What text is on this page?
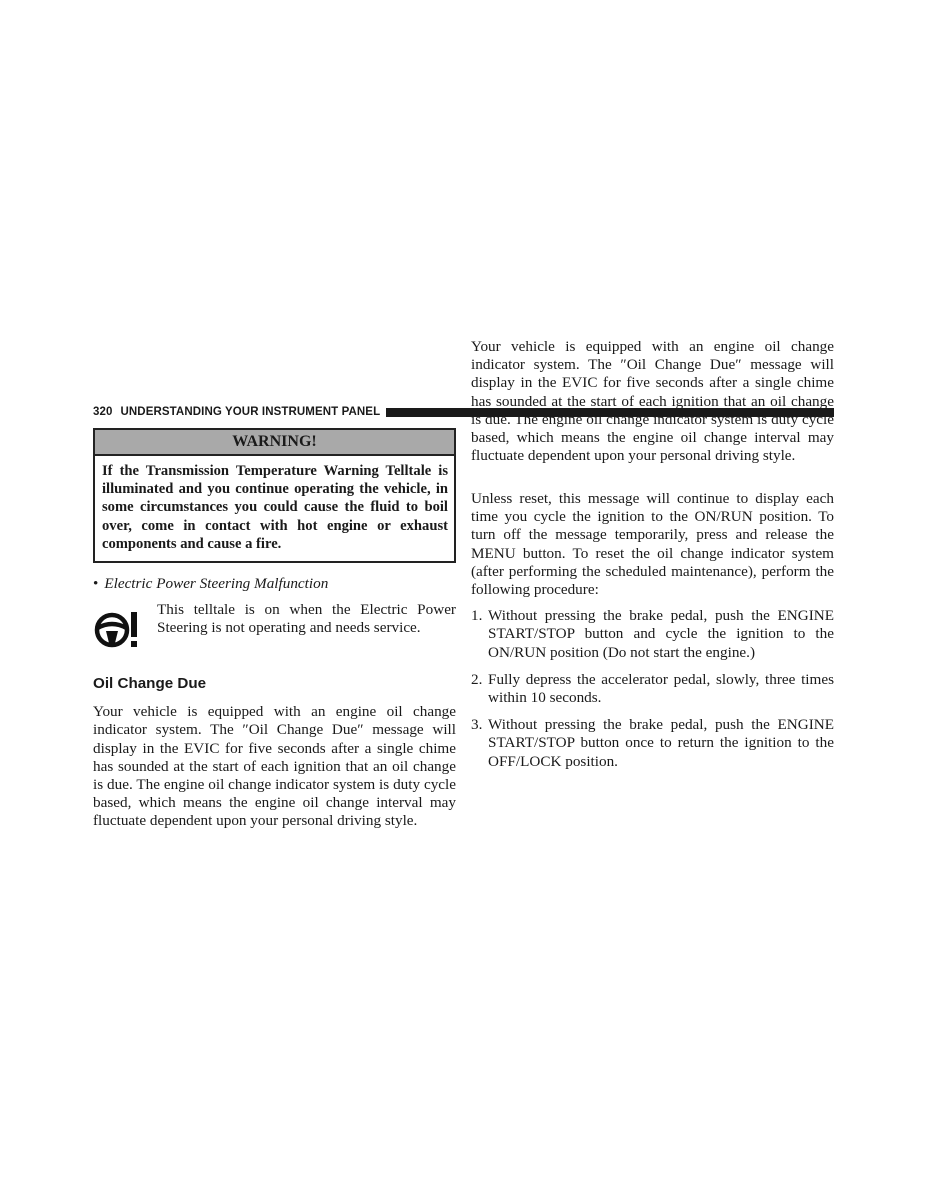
320 UNDERSTANDING YOUR INSTRUMENT PANEL
WARNING!
If the Transmission Temperature Warning Telltale is illuminated and you continue operating the vehicle, in some circumstances you could cause the fluid to boil over, come in contact with hot engine or exhaust components and cause a fire.
• Electric Power Steering Malfunction

This telltale is on when the Electric Power Steering is not operating and needs service.

Oil Change Due

Your vehicle is equipped with an engine oil change indicator system. The ″Oil Change Due″ message will display in the EVIC for five seconds after a single chime has sounded at the start of each ignition that an oil change is due. The engine oil change indicator system is duty cycle based, which means the engine oil change interval may fluctuate dependent upon your personal driving style.

Your vehicle is equipped with an engine oil change indicator system. The ″Oil Change Due″ message will display in the EVIC for five seconds after a single chime has sounded at the start of each ignition that an oil change is due. The engine oil change indicator system is duty cycle based, which means the engine oil change interval may fluctuate dependent upon your personal driving style.

Unless reset, this message will continue to display each time you cycle the ignition to the ON/RUN position. To turn off the message temporarily, press and release the MENU button. To reset the oil change indicator system (after performing the scheduled maintenance), perform the following procedure:

1. Without pressing the brake pedal, push the ENGINE START/STOP button and cycle the ignition to the ON/RUN position (Do not start the engine.)
2. Fully depress the accelerator pedal, slowly, three times within 10 seconds.
3. Without pressing the brake pedal, push the ENGINE START/STOP button once to return the ignition to the OFF/LOCK position.
